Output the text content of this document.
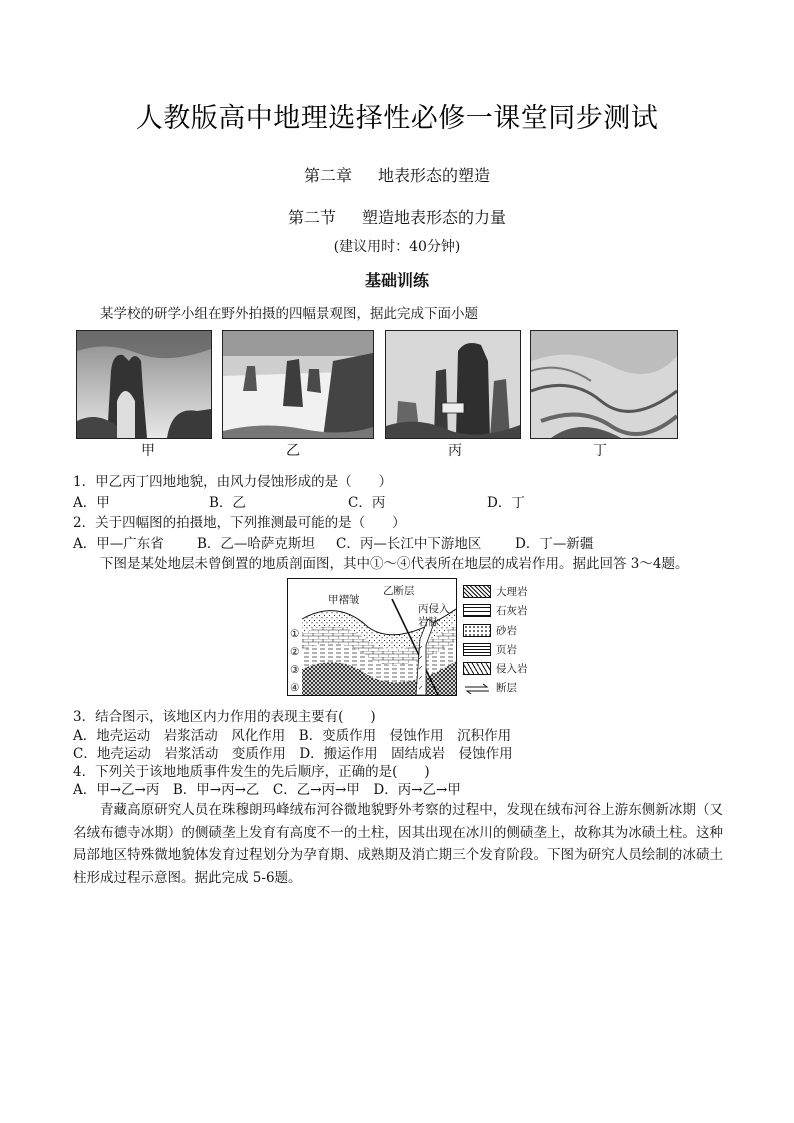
人教版高中地理选择性必修一课堂同步测试
第二章 地表形态的塑造
第二节 塑造地表形态的力量
(建议用时：40分钟)
基础训练
某学校的研学小组在野外拍摄的四幅景观图，据此完成下面小题
甲	乙	丙	丁
1．甲乙丙丁四地地貌，由风力侵蚀形成的是（　　）
A．甲	B．乙	C．丙	D．丁
2．关于四幅图的拍摄地，下列推测最可能的是（　　）
A．甲—广东省 B．乙—哈萨克斯坦 C．丙—长江中下游地区 D．丁—新疆
下图是某处地层未曾倒置的地质剖面图，其中①～④代表所在地层的成岩作用。据此回答 3～4题。
甲褶皱
乙断层
丙侵入
岩脉
①
②
③
④
大理岩
石灰岩
砂岩
页岩
侵入岩
断层
3．结合图示，该地区内力作用的表现主要有(　　)
A．地壳运动　岩浆活动　风化作用　B．变质作用　侵蚀作用　沉积作用
C．地壳运动　岩浆活动　变质作用　D．搬运作用　固结成岩　侵蚀作用
4．下列关于该地地质事件发生的先后顺序，正确的是(　　)
A．甲→乙→丙　B．甲→丙→乙　C．乙→丙→甲　D．丙→乙→甲
青藏高原研究人员在珠穆朗玛峰绒布河谷微地貌野外考察的过程中，发现在绒布河谷上游东侧新冰期（又名绒布德寺冰期）的侧碛垄上发育有高度不一的土柱，因其出现在冰川的侧碛垄上，故称其为冰碛土柱。这种局部地区特殊微地貌体发育过程划分为孕育期、成熟期及消亡期三个发育阶段。下图为研究人员绘制的冰碛土柱形成过程示意图。据此完成 5-6题。
